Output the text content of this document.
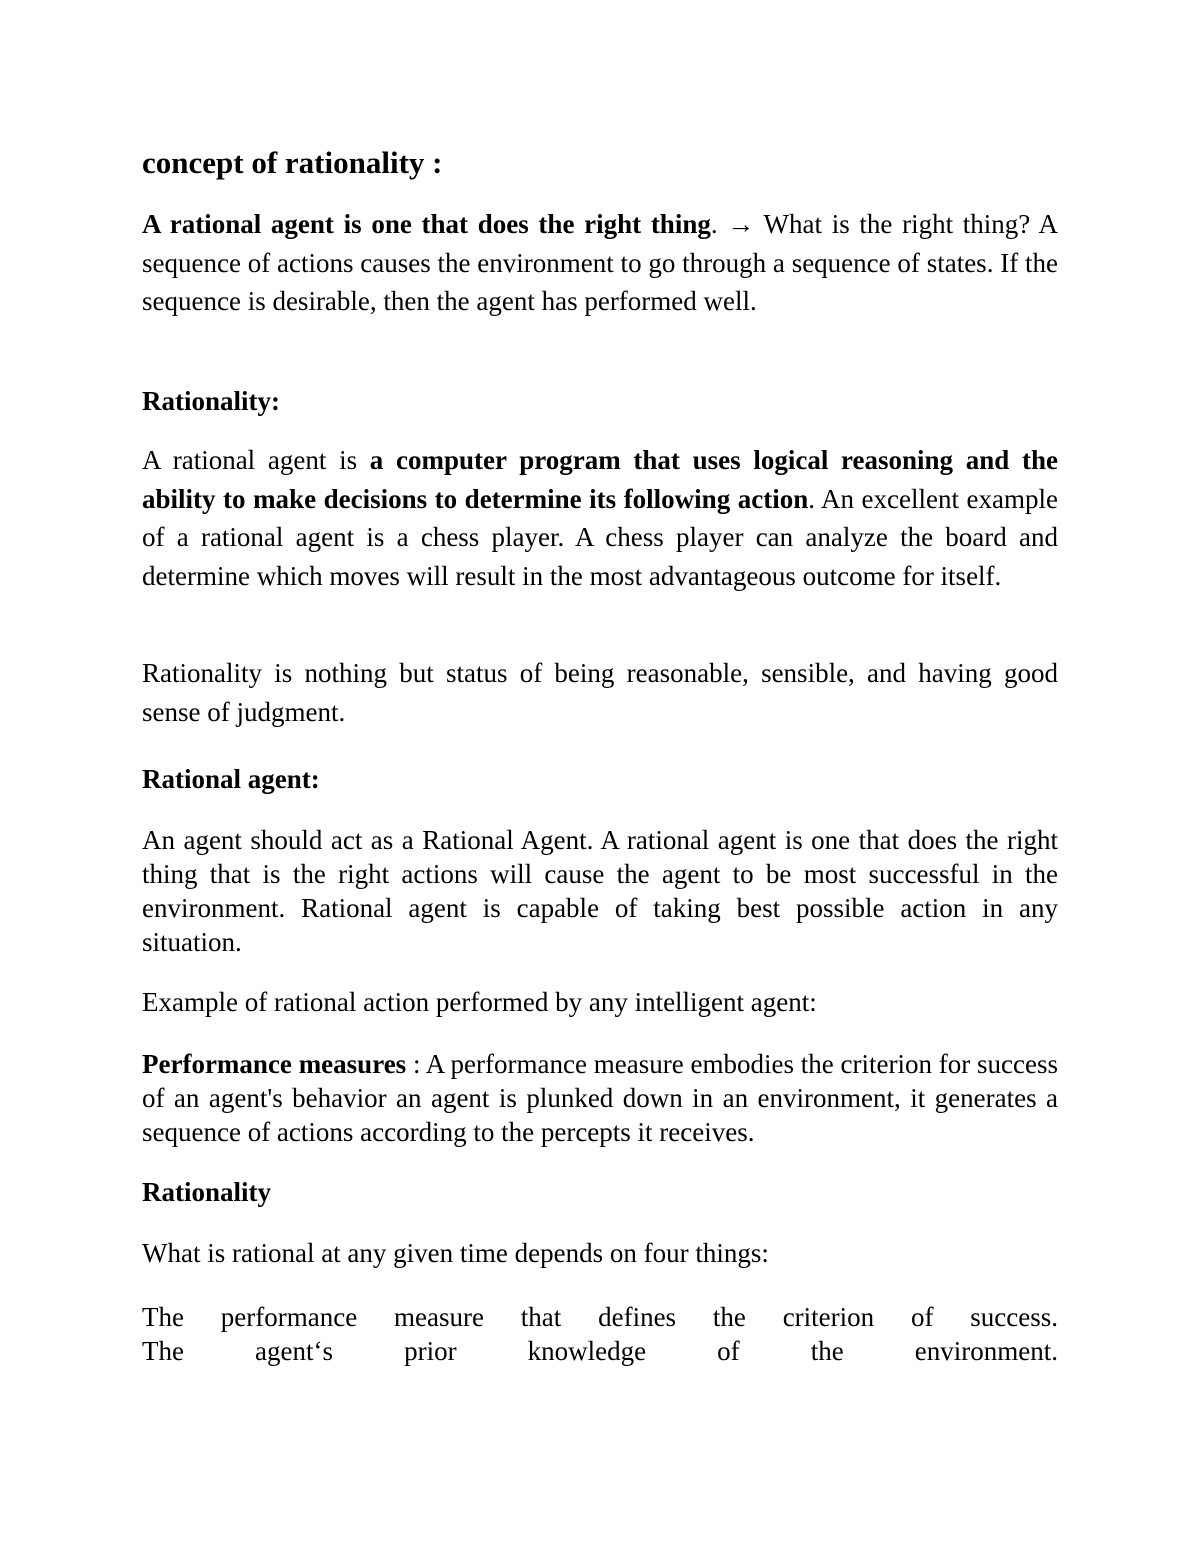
concept of rationality :

A rational agent is one that does the right thing. → What is the right thing? A sequence of actions causes the environment to go through a sequence of states. If the sequence is desirable, then the agent has performed well.

Rationality:

A rational agent is a computer program that uses logical reasoning and the ability to make decisions to determine its following action. An excellent example of a rational agent is a chess player. A chess player can analyze the board and determine which moves will result in the most advantageous outcome for itself.

Rationality is nothing but status of being reasonable, sensible, and having good sense of judgment.

Rational agent:

An agent should act as a Rational Agent. A rational agent is one that does the right thing that is the right actions will cause the agent to be most successful in the environment. Rational agent is capable of taking best possible action in any situation.

Example of rational action performed by any intelligent agent:

Performance measures : A performance measure embodies the criterion for success of an agent's behavior an agent is plunked down in an environment, it generates a sequence of actions according to the percepts it receives.

Rationality

What is rational at any given time depends on four things:

The performance measure that defines the criterion of success.
The agent‘s prior knowledge of the environment.
